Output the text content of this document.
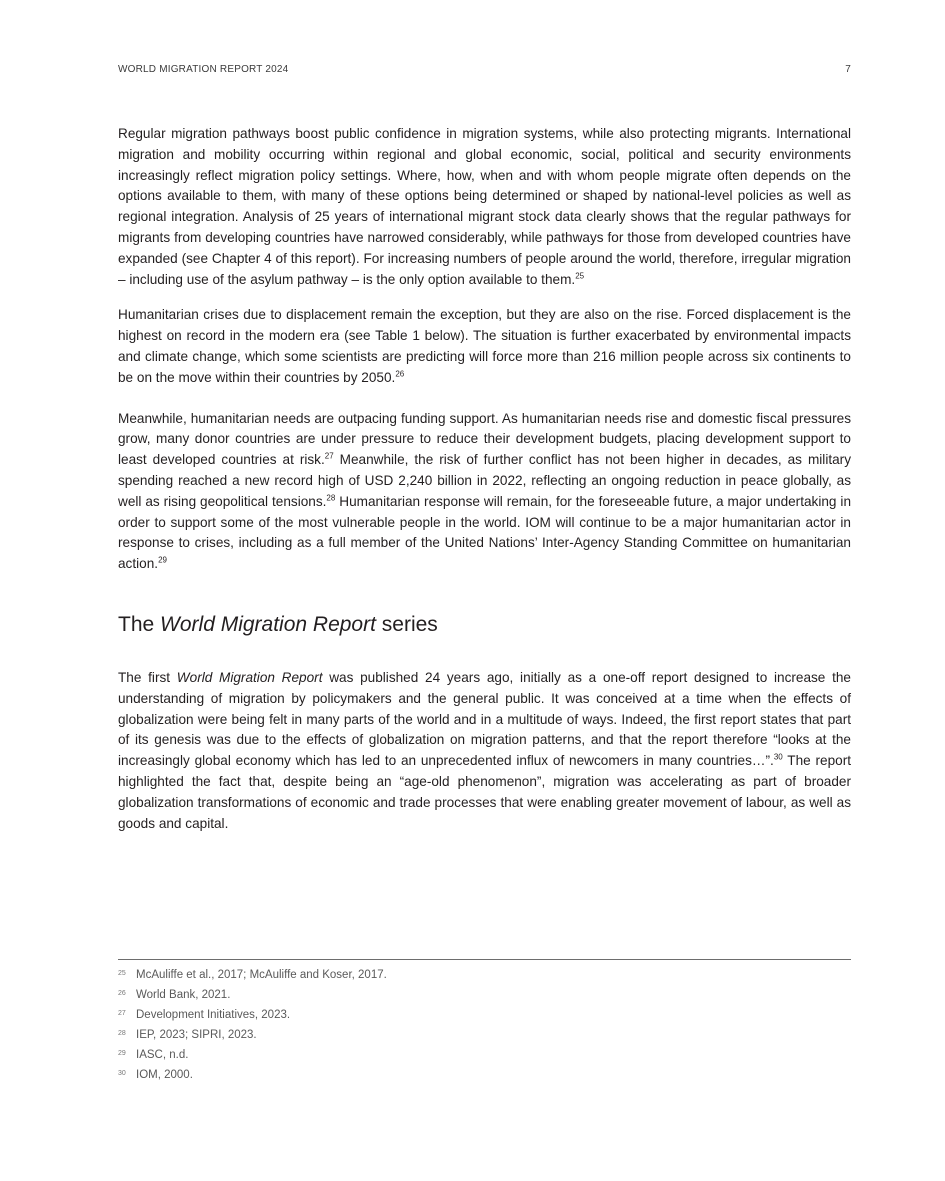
WORLD MIGRATION REPORT 2024	7

Regular migration pathways boost public confidence in migration systems, while also protecting migrants. International migration and mobility occurring within regional and global economic, social, political and security environments increasingly reflect migration policy settings. Where, how, when and with whom people migrate often depends on the options available to them, with many of these options being determined or shaped by national-level policies as well as regional integration. Analysis of 25 years of international migrant stock data clearly shows that the regular pathways for migrants from developing countries have narrowed considerably, while pathways for those from developed countries have expanded (see Chapter 4 of this report). For increasing numbers of people around the world, therefore, irregular migration – including use of the asylum pathway – is the only option available to them.$^{25}$

Humanitarian crises due to displacement remain the exception, but they are also on the rise. Forced displacement is the highest on record in the modern era (see Table 1 below). The situation is further exacerbated by environmental impacts and climate change, which some scientists are predicting will force more than 216 million people across six continents to be on the move within their countries by 2050.26

Meanwhile, humanitarian needs are outpacing funding support. As humanitarian needs rise and domestic fiscal pressures grow, many donor countries are under pressure to reduce their development budgets, placing development support to least developed countries at risk.$^{27}$ Meanwhile, the risk of further conflict has not been higher in decades, as military spending reached a new record high of USD 2,240 billion in 2022, reflecting an ongoing reduction in peace globally, as well as rising geopolitical tensions.$^{28}$ Humanitarian response will remain, for the foreseeable future, a major undertaking in order to support some of the most vulnerable people in the world. IOM will continue to be a major humanitarian actor in response to crises, including as a full member of the United Nations’ Inter-Agency Standing Committee on humanitarian action.$^{29}$

The World Migration Report series

The first World Migration Report was published 24 years ago, initially as a one-off report designed to increase the understanding of migration by policymakers and the general public. It was conceived at a time when the effects of globalization were being felt in many parts of the world and in a multitude of ways. Indeed, the first report states that part of its genesis was due to the effects of globalization on migration patterns, and that the report therefore “looks at the increasingly global economy which has led to an unprecedented influx of newcomers in many countries…”.$^{30}$ The report highlighted the fact that, despite being an “age-old phenomenon”, migration was accelerating as part of broader globalization transformations of economic and trade processes that were enabling greater movement of labour, as well as goods and capital.

25 McAuliffe et al., 2017; McAuliffe and Koser, 2017.
26 World Bank, 2021.
27 Development Initiatives, 2023.
28 IEP, 2023; SIPRI, 2023.
29 IASC, n.d.
30 IOM, 2000.
